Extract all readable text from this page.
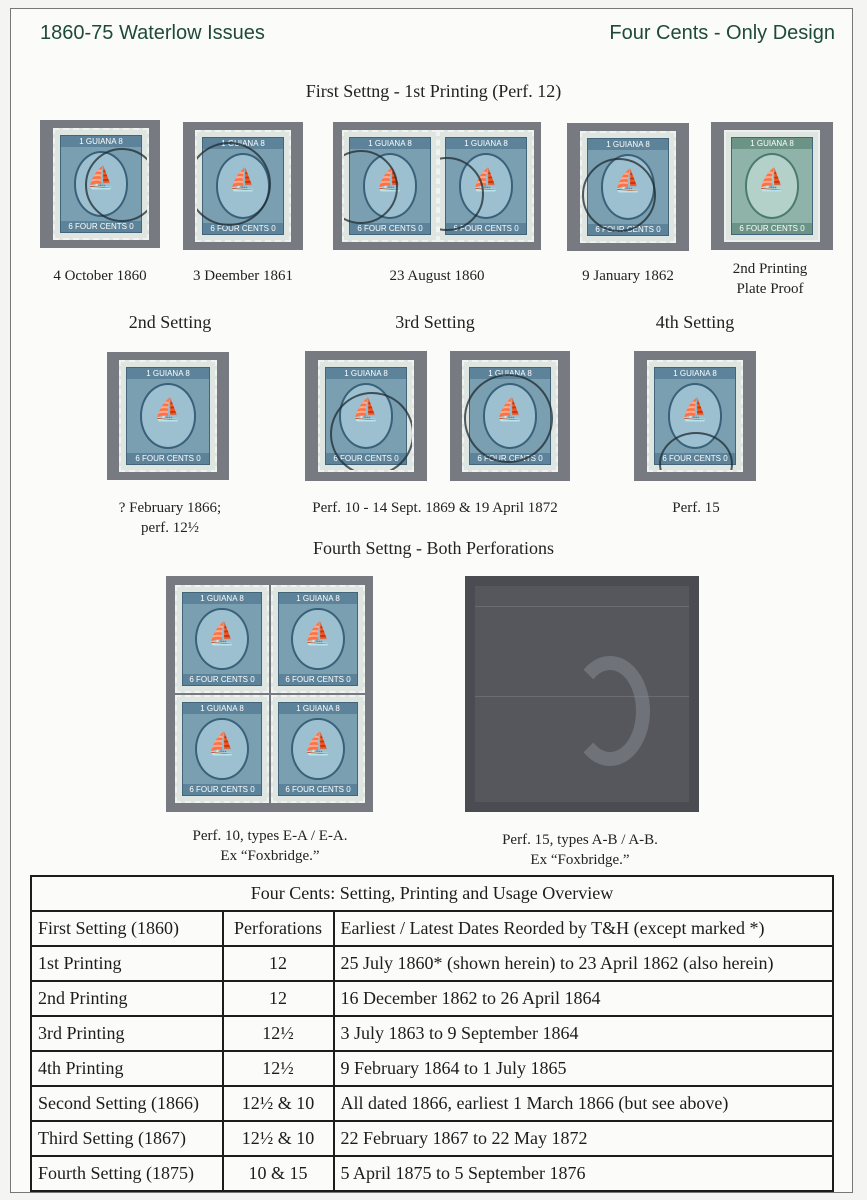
1860-75 Waterlow Issues	Four Cents - Only Design
First Settng - 1st Printing (Perf. 12)
1 GUIANA 8
⛵
6 FOUR CENTS 0
4 October 1860
1 GUIANA 8
⛵
6 FOUR CENTS 0
3 Deember 1861
1 GUIANA 8
⛵
6 FOUR CENTS 0
1 GUIANA 8
⛵
6 FOUR CENTS 0
23 August 1860
1 GUIANA 8
⛵
6 FOUR CENTS 0
9 January 1862
1 GUIANA 8
⛵
6 FOUR CENTS 0
2nd Printing
Plate Proof
2nd Setting	3rd Setting	4th Setting
1 GUIANA 8
⛵
6 FOUR CENTS 0
? February 1866;
perf. 12½
1 GUIANA 8
⛵
6 FOUR CENTS 0
1 GUIANA 8
⛵
6 FOUR CENTS 0
Perf. 10 - 14 Sept. 1869 & 19 April 1872
1 GUIANA 8
⛵
6 FOUR CENTS 0
Perf. 15
Fourth Settng - Both Perforations
1 GUIANA 8
⛵
6 FOUR CENTS 0
1 GUIANA 8
⛵
6 FOUR CENTS 0
1 GUIANA 8
⛵
6 FOUR CENTS 0
1 GUIANA 8
⛵
6 FOUR CENTS 0
Perf. 10, types E-A / E-A.
Ex “Foxbridge.”
Perf. 15, types A-B / A-B.
Ex “Foxbridge.”
Four Cents: Setting, Printing and Usage Overview		
First Setting (1860)	Perforations	Earliest / Latest Dates Reorded by T&H (except marked *)
1st Printing	12	25 July 1860* (shown herein) to 23 April 1862 (also herein)
2nd Printing	12	16 December 1862 to 26 April 1864
3rd Printing	12½	3 July 1863 to 9 September 1864
4th Printing	12½	9 February 1864 to 1 July 1865
Second Setting (1866)	12½ & 10	All dated 1866, earliest 1 March 1866 (but see above)
Third Setting (1867)	12½ & 10	22 February 1867 to 22 May 1872
Fourth Setting (1875)	10 & 15	5 April 1875 to 5 September 1876
